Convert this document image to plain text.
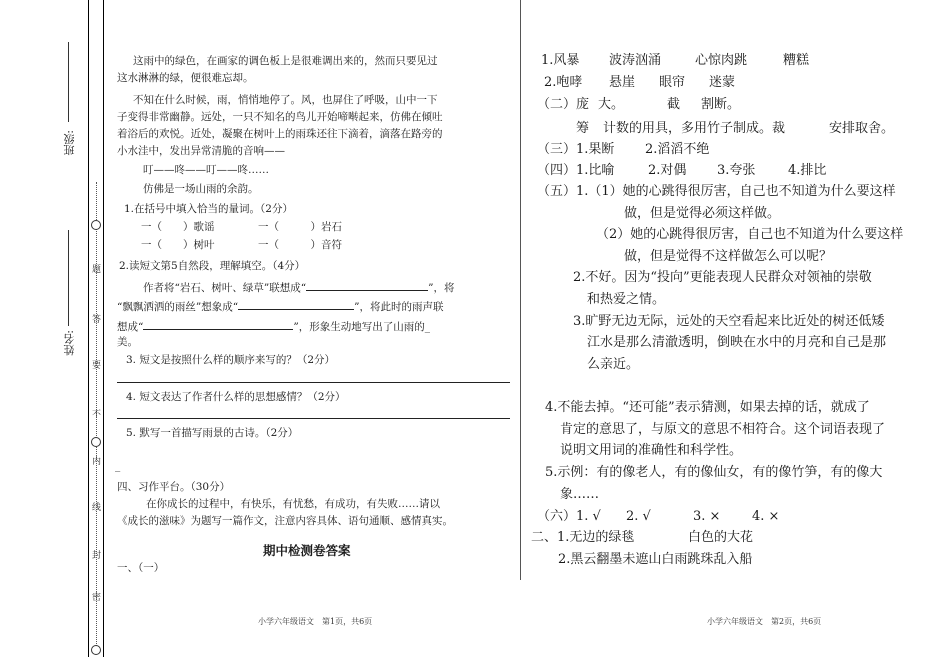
班级:
姓名:
题
答
要
不
内
线
封
密
这雨中的绿色，在画家的调色板上是很难调出来的，然而只要见过
这水淋淋的绿，便很难忘却。
不知在什么时候，雨，悄悄地停了。风，也屏住了呼吸，山中一下
子变得非常幽静。远处，一只不知名的鸟儿开始啼啭起来，仿佛在倾吐
着浴后的欢悦。近处，凝聚在树叶上的雨珠还往下滴着，滴落在路旁的
小水洼中，发出异常清脆的音响——
叮——咚——叮——咚……
仿佛是一场山雨的余韵。
1.在括号中填入恰当的量词。（2分）
一（　　）歌谣	一（　　　）岩石
一（　　）树叶	一（　　　）音符
2.读短文第5自然段，理解填空。（4分）
作者将“岩石、树叶、绿草”联想成“	”，将
“飘飘洒洒的雨丝”想象成“	”，将此时的雨声联
想成“	”，形象生动地写出了山雨的_
美。
3. 短文是按照什么样的顺序来写的？（2分）
4. 短文表达了作者什么样的思想感情？（2分）
5. 默写一首描写雨景的古诗。（2分）
_
四、习作平台。（30分）
在你成长的过程中，有快乐，有忧愁，有成功，有失败……请以
《成长的滋味》为题写一篇作文，注意内容具体、语句通顺、感情真实。
期中检测卷答案
一、（一）
小学六年级语文　第1页，共6页
1.风暴 波涛汹涌	心惊肉跳	糟糕
2.咆哮 悬崖 眼帘 迷蒙
（二）庞 大。	截 割断。
筹 计数的用具，多用竹子制成。裁	安排取舍。
（三）1.果断 2.滔滔不绝
（四）1.比喻	2.对偶 3.夸张	4.排比
（五）1.（1）她的心跳得很厉害，自己也不知道为什么要这样
做，但是觉得必须这样做。
（2）她的心跳得很厉害，自己也不知道为什么要这样
做，但是觉得不这样做怎么可以呢？
2.不好。因为“投向”更能表现人民群众对领袖的崇敬
和热爱之情。
3.旷野无边无际，远处的天空看起来比近处的树还低矮
江水是那么清澈透明，倒映在水中的月亮和自己是那
么亲近。
4.不能去掉。“还可能”表示猜测，如果去掉的话，就成了
肯定的意思了，与原文的意思不相符合。这个词语表现了
说明文用词的准确性和科学性。
5.示例：有的像老人，有的像仙女，有的像竹笋，有的像大
象……
（六）1. √ 2. √	3. × 4. ×
二、1.无边的绿毯	白色的大花
2.黑云翻墨未遮山白雨跳珠乱入船
小学六年级语文　第2页，共6页
